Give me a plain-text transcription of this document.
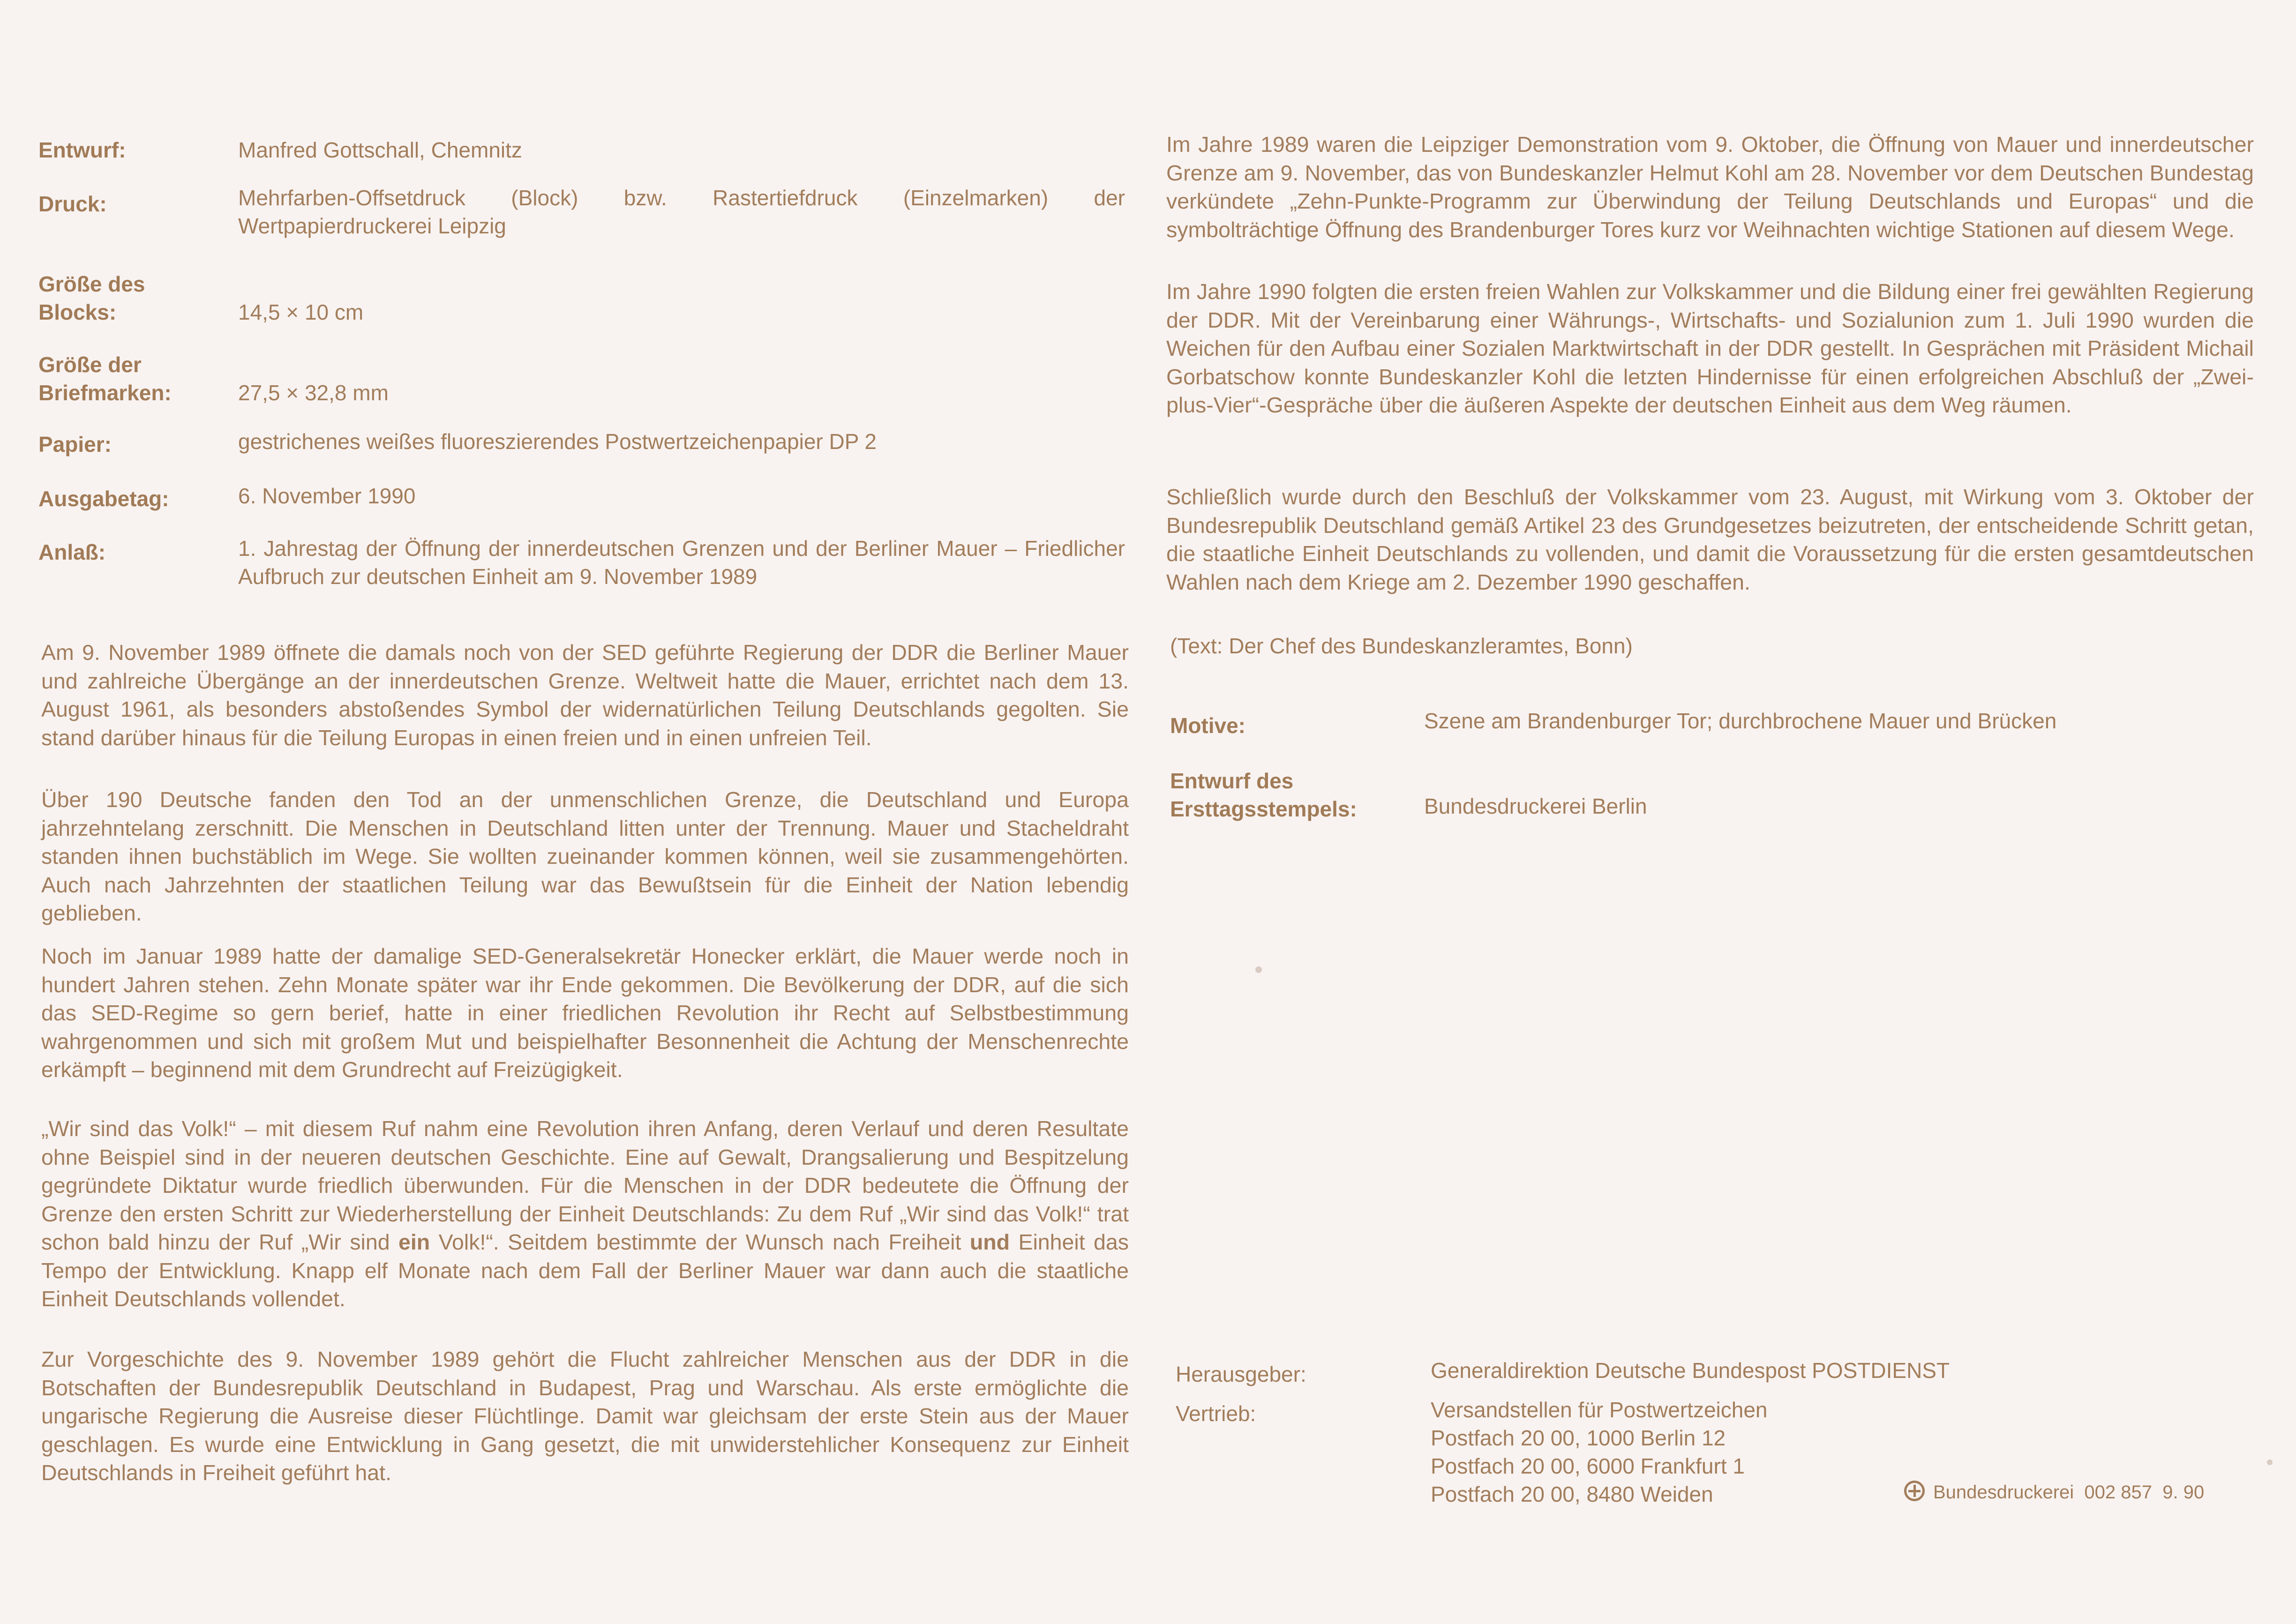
Entwurf:	Manfred Gottschall, Chemnitz
Druck:	Mehrfarben-Offsetdruck (Block) bzw. Rastertiefdruck (Einzelmarken) der Wertpapierdruckerei Leipzig
Größe des
Blocks:	14,5 × 10 cm
Größe der
Briefmarken:	27,5 × 32,8 mm
Papier:	gestrichenes weißes fluoreszierendes Postwertzeichenpapier DP 2
Ausgabetag:	6. November 1990
Anlaß:	1. Jahrestag der Öffnung der innerdeutschen Grenzen und der Berliner Mauer – Friedlicher Aufbruch zur deutschen Einheit am 9. November 1989
Am 9. November 1989 öffnete die damals noch von der SED geführte Regierung der DDR die Berliner Mauer und zahlreiche Übergänge an der innerdeutschen Grenze. Weltweit hatte die Mauer, errichtet nach dem 13. August 1961, als besonders abstoßendes Symbol der widernatürlichen Teilung Deutschlands gegolten. Sie stand darüber hinaus für die Teilung Europas in einen freien und in einen unfreien Teil.
Über 190 Deutsche fanden den Tod an der unmenschlichen Grenze, die Deutschland und Europa jahrzehntelang zerschnitt. Die Menschen in Deutschland litten unter der Trennung. Mauer und Stacheldraht standen ihnen buchstäblich im Wege. Sie wollten zueinander kommen können, weil sie zusammengehörten. Auch nach Jahrzehnten der staatlichen Teilung war das Bewußtsein für die Einheit der Nation lebendig geblieben.
Noch im Januar 1989 hatte der damalige SED-Generalsekretär Honecker erklärt, die Mauer werde noch in hundert Jahren stehen. Zehn Monate später war ihr Ende gekommen. Die Bevölkerung der DDR, auf die sich das SED-Regime so gern berief, hatte in einer friedlichen Revolution ihr Recht auf Selbstbestimmung wahrgenommen und sich mit großem Mut und beispielhafter Besonnenheit die Achtung der Menschenrechte erkämpft – beginnend mit dem Grundrecht auf Freizügigkeit.
„Wir sind das Volk!“ – mit diesem Ruf nahm eine Revolution ihren Anfang, deren Verlauf und deren Resultate ohne Beispiel sind in der neueren deutschen Geschichte. Eine auf Gewalt, Drangsalierung und Bespitzelung gegründete Diktatur wurde friedlich überwunden. Für die Menschen in der DDR bedeutete die Öffnung der Grenze den ersten Schritt zur Wiederherstellung der Einheit Deutschlands: Zu dem Ruf „Wir sind das Volk!“ trat schon bald hinzu der Ruf „Wir sind ein Volk!“. Seitdem bestimmte der Wunsch nach Freiheit und Einheit das Tempo der Entwicklung. Knapp elf Monate nach dem Fall der Berliner Mauer war dann auch die staatliche Einheit Deutschlands vollendet.
Zur Vorgeschichte des 9. November 1989 gehört die Flucht zahlreicher Menschen aus der DDR in die Botschaften der Bundesrepublik Deutschland in Budapest, Prag und Warschau. Als erste ermöglichte die ungarische Regierung die Ausreise dieser Flüchtlinge. Damit war gleichsam der erste Stein aus der Mauer geschlagen. Es wurde eine Entwicklung in Gang gesetzt, die mit unwiderstehlicher Konsequenz zur Einheit Deutschlands in Freiheit geführt hat.
Im Jahre 1989 waren die Leipziger Demonstration vom 9. Oktober, die Öffnung von Mauer und innerdeutscher Grenze am 9. November, das von Bundeskanzler Helmut Kohl am 28. November vor dem Deutschen Bundestag verkündete „Zehn-Punkte-Programm zur Überwindung der Teilung Deutschlands und Europas“ und die symbolträchtige Öffnung des Brandenburger Tores kurz vor Weihnachten wichtige Stationen auf diesem Wege.
Im Jahre 1990 folgten die ersten freien Wahlen zur Volkskammer und die Bildung einer frei gewählten Regierung der DDR. Mit der Vereinbarung einer Währungs-, Wirtschafts- und Sozialunion zum 1. Juli 1990 wurden die Weichen für den Aufbau einer Sozialen Marktwirtschaft in der DDR gestellt. In Gesprächen mit Präsident Michail Gorbatschow konnte Bundeskanzler Kohl die letzten Hindernisse für einen erfolgreichen Abschluß der „Zwei-plus-Vier“-Gespräche über die äußeren Aspekte der deutschen Einheit aus dem Weg räumen.
Schließlich wurde durch den Beschluß der Volkskammer vom 23. August, mit Wirkung vom 3. Oktober der Bundesrepublik Deutschland gemäß Artikel 23 des Grundgesetzes beizutreten, der entscheidende Schritt getan, die staatliche Einheit Deutschlands zu vollenden, und damit die Voraussetzung für die ersten gesamtdeutschen Wahlen nach dem Kriege am 2. Dezember 1990 geschaffen.
(Text: Der Chef des Bundeskanzleramtes, Bonn)
Motive:	Szene am Brandenburger Tor; durchbrochene Mauer und Brücken
Entwurf des
Ersttagsstempels:	Bundesdruckerei Berlin
Herausgeber:	Generaldirektion Deutsche Bundespost POSTDIENST
Vertrieb:	Versandstellen für Postwertzeichen
Postfach 20 00, 1000 Berlin 12
Postfach 20 00, 6000 Frankfurt 1
Postfach 20 00, 8480 Weiden	Bundesdruckerei  002 857  9. 90
